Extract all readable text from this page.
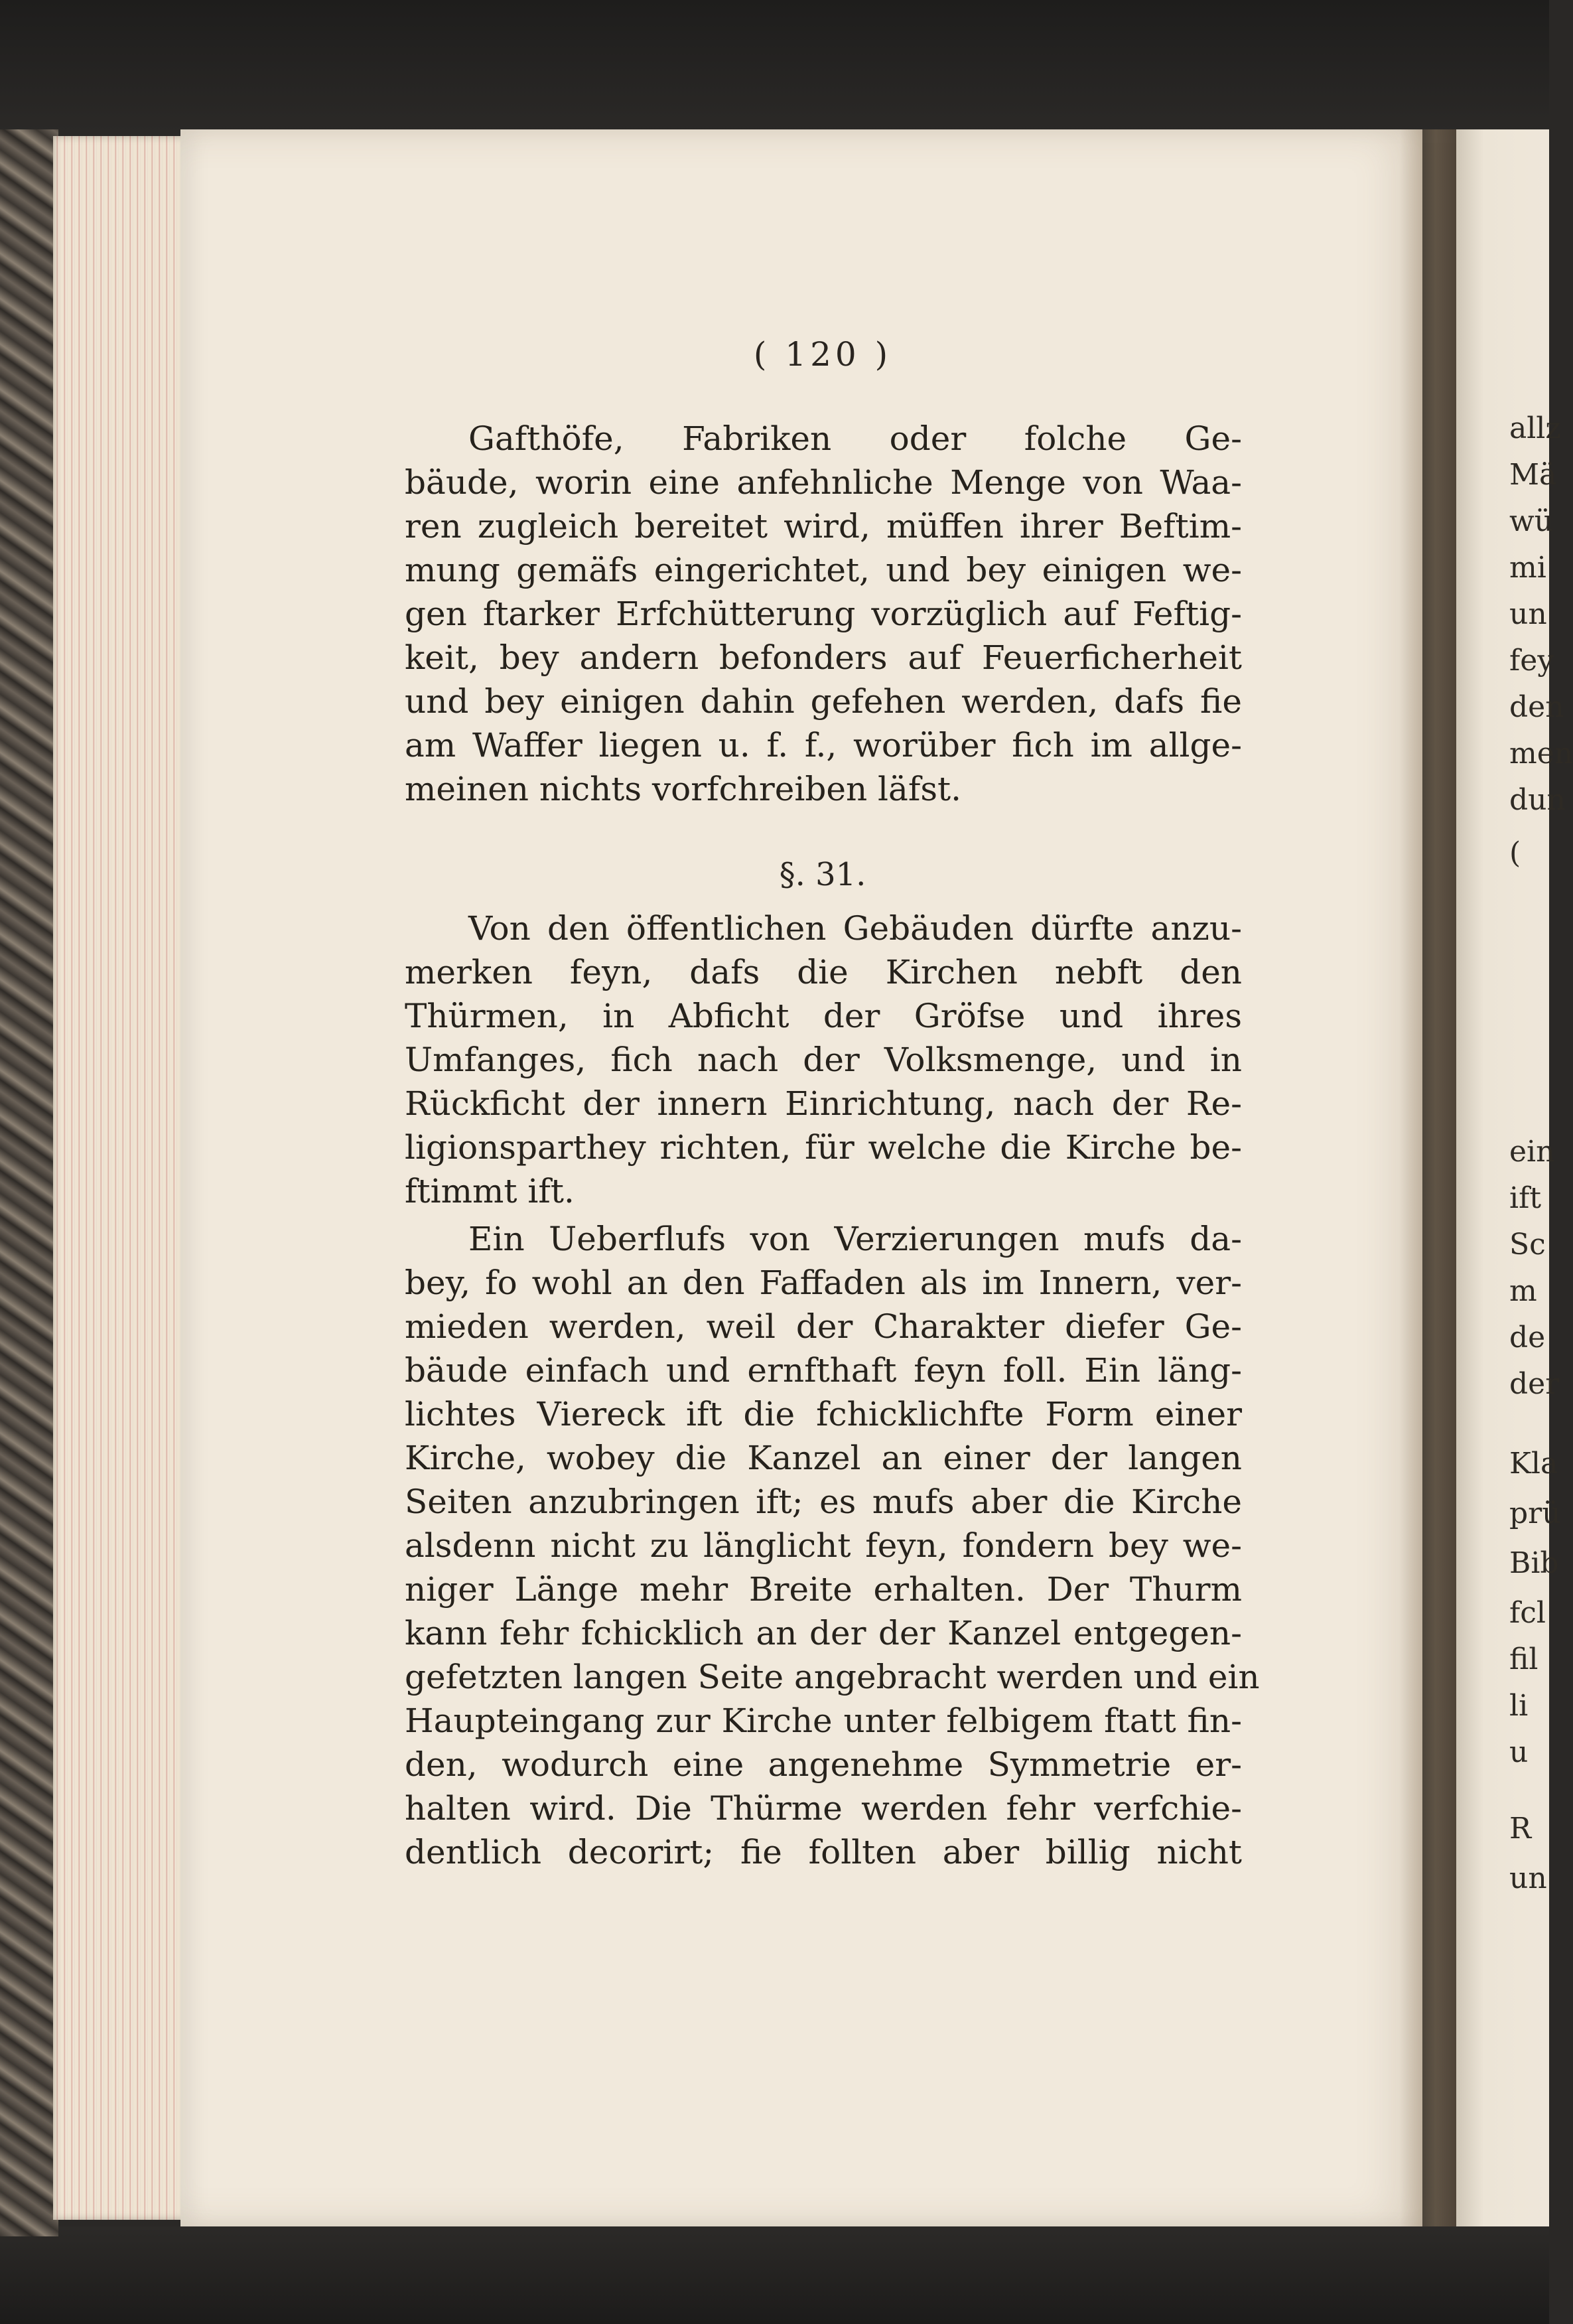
( 120 )
Gafthöfe, Fabriken oder folche Ge-
bäude, worin eine anfehnliche Menge von Waa-
ren zugleich bereitet wird, müffen ihrer Beftim-
mung gemäfs eingerichtet, und bey einigen we-
gen ftarker Erfchütterung vorzüglich auf Feftig-
keit, bey andern befonders auf Feuerficherheit
und bey einigen dahin gefehen werden, dafs fie
am Waffer liegen u. f. f., worüber fich im allge-
meinen nichts vorfchreiben läfst.
§. 31.
Von den öffentlichen Gebäuden dürfte anzu-
merken feyn, dafs die Kirchen nebft den
Thürmen, in Abficht der Gröfse und ihres
Umfanges, fich nach der Volksmenge, und in
Rückficht der innern Einrichtung, nach der Re-
ligionsparthey richten, für welche die Kirche be-
ftimmt ift.
Ein Ueberflufs von Verzierungen mufs da-
bey, fo wohl an den Faffaden als im Innern, ver-
mieden werden, weil der Charakter diefer Ge-
bäude einfach und ernfthaft feyn foll. Ein läng-
lichtes Viereck ift die fchicklichfte Form einer
Kirche, wobey die Kanzel an einer der langen
Seiten anzubringen ift; es mufs aber die Kirche
alsdenn nicht zu länglicht feyn, fondern bey we-
niger Länge mehr Breite erhalten. Der Thurm
kann fehr fchicklich an der der Kanzel entgegen-
gefetzten langen Seite angebracht werden und ein
Haupteingang zur Kirche unter felbigem ftatt fin-
den, wodurch eine angenehme Symmetrie er-
halten wird. Die Thürme werden fehr verfchie-
dentlich decorirt; fie follten aber billig nicht
allz
Mä
wü
mi
un
fey
den
men
dun
(
ein
ift
Sc
m
de
der
Kla
prü
Bib
fcl
fil
li
u
R
un
